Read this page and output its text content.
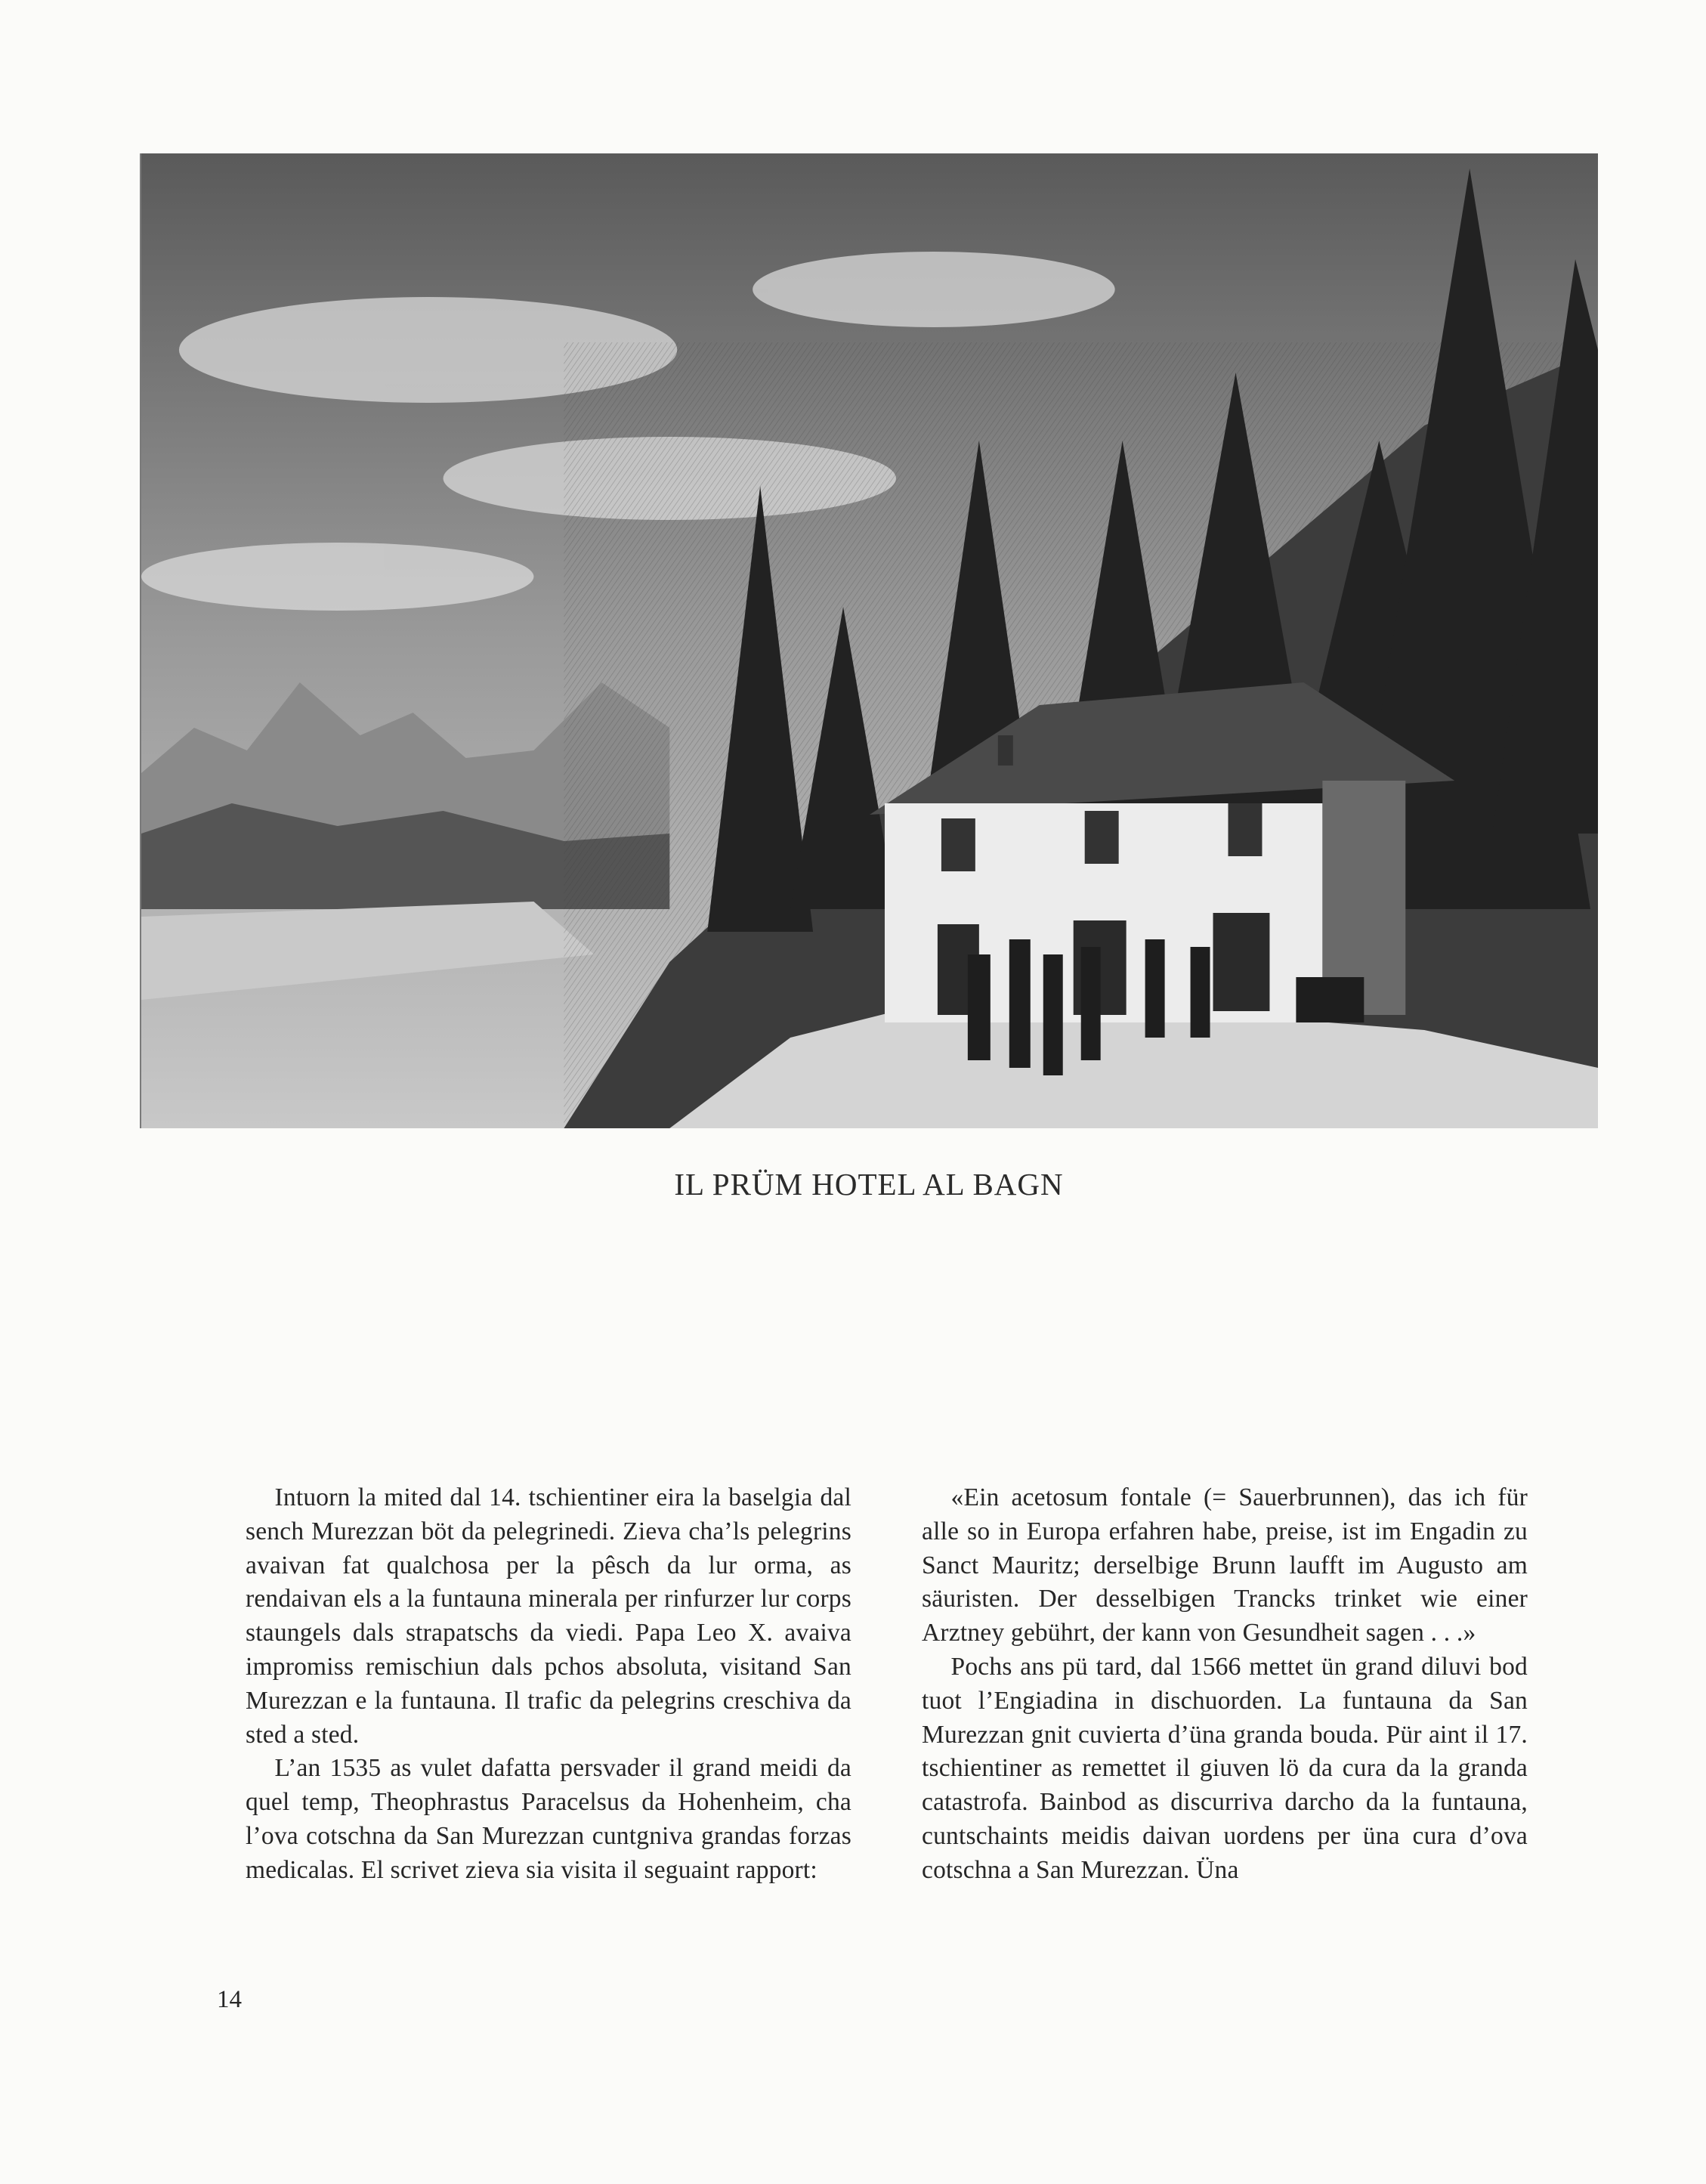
IL PRÜM HOTEL AL BAGN

Intuorn la mited dal 14. tschientiner eira la baselgia dal sench Murezzan böt da pelegrinedi. Zieva cha’ls pelegrins avaivan fat qualchosa per la pêsch da lur orma, as rendaivan els a la funtauna minerala per rinfurzer lur corps staungels dals strapatschs da viedi. Papa Leo X. avaiva impromiss remischiun dals pchos absoluta, visitand San Murezzan e la funtauna. Il trafic da pelegrins creschiva da sted a sted.

L’an 1535 as vulet dafatta persvader il grand meidi da quel temp, Theophrastus Paracelsus da Hohenheim, cha l’ova cotschna da San Murezzan cuntgniva grandas forzas medicalas. El scrivet zieva sia visita il seguaint rapport:

«Ein acetosum fontale (= Sauerbrunnen), das ich für alle so in Europa erfahren habe, preise, ist im Engadin zu Sanct Mauritz; derselbige Brunn laufft im Augusto am säuristen. Der desselbigen Trancks trinket wie einer Arztney gebührt, der kann von Gesundheit sagen . . .»

Pochs ans pü tard, dal 1566 mettet ün grand diluvi bod tuot l’Engiadina in dischuorden. La funtauna da San Murezzan gnit cuvierta d’üna granda bouda. Pür aint il 17. tschientiner as remettet il giuven lö da cura da la granda catastrofa. Bainbod as discurriva darcho da la funtauna, cuntschaints meidis daivan uordens per üna cura d’ova cotschna a San Murezzan. Üna

14
